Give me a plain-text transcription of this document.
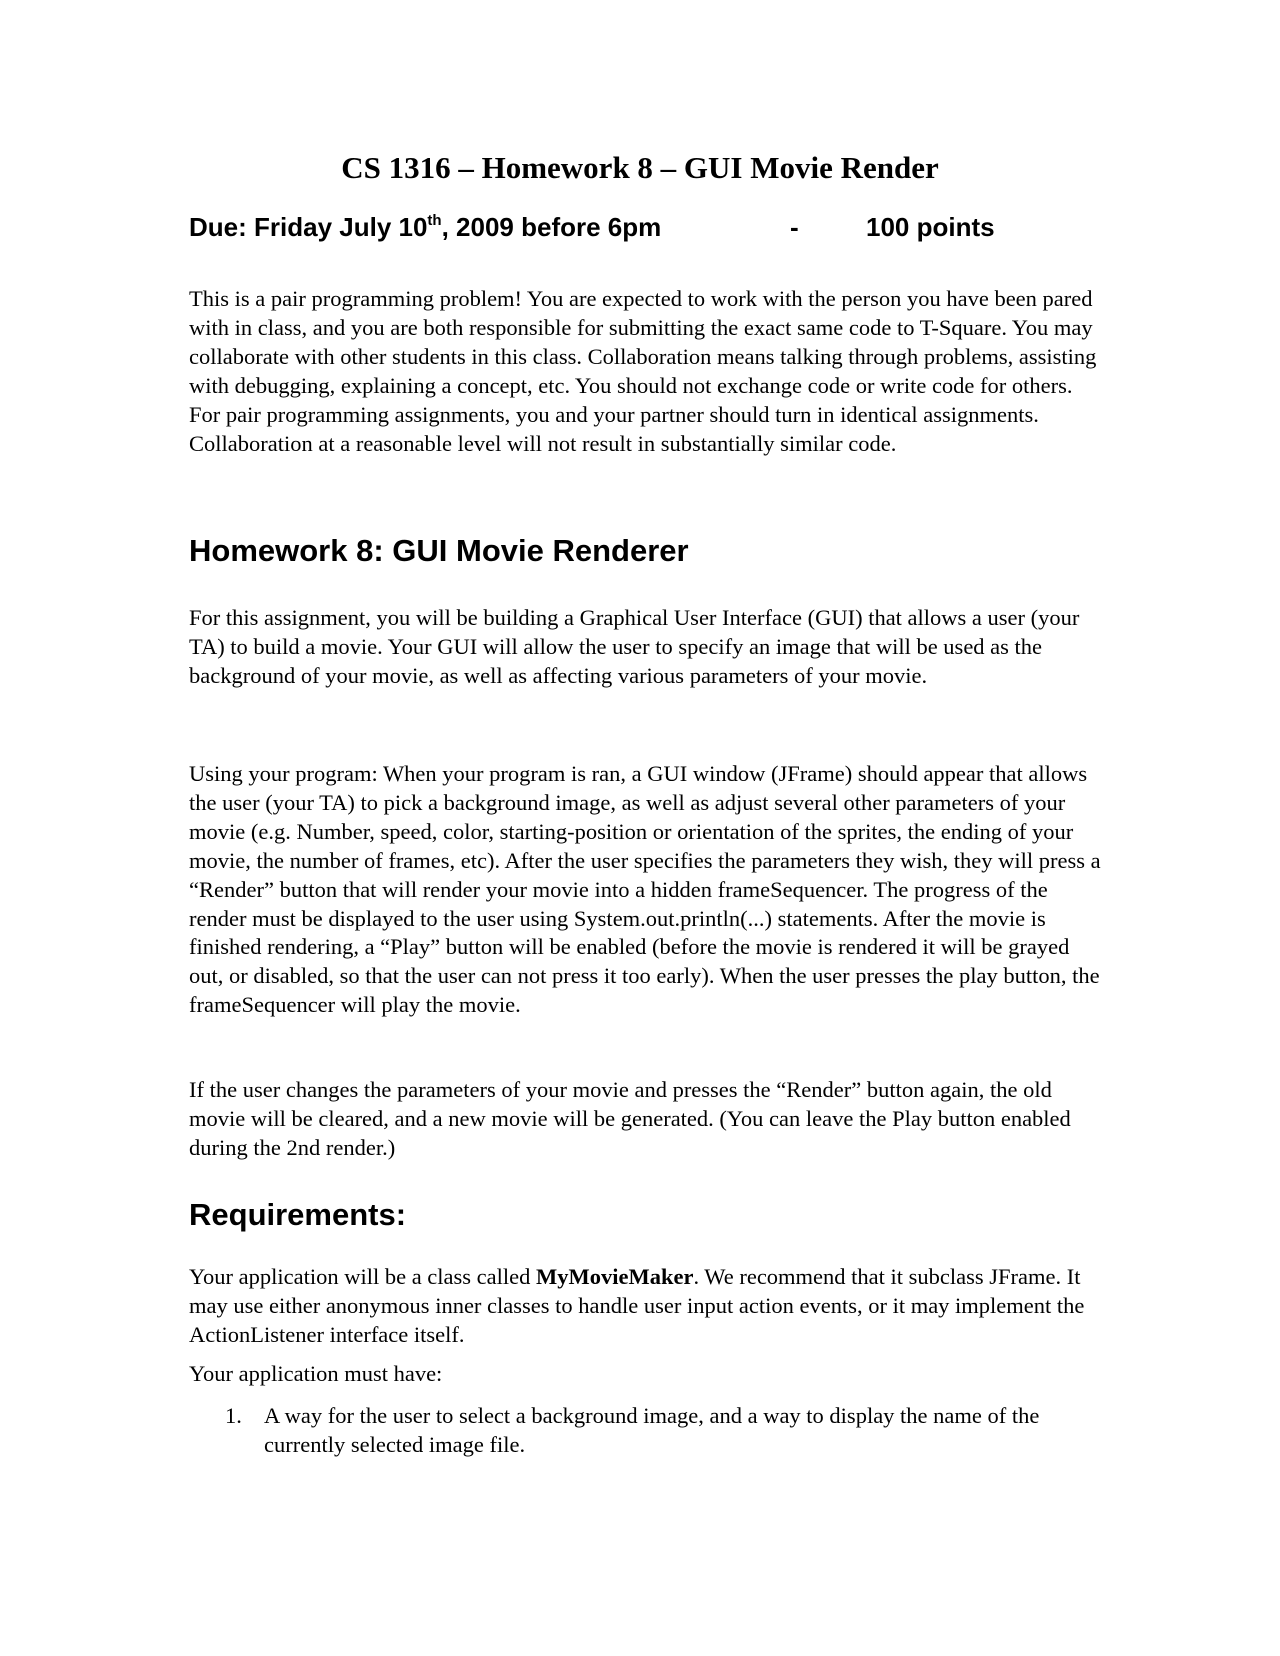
CS 1316 – Homework 8 – GUI Movie Render
Due: Friday July 10th, 2009 before 6pm	-	100 points

This is a pair programming problem! You are expected to work with the person you have been pared with in class, and you are both responsible for submitting the exact same code to T-Square. You may collaborate with other students in this class. Collaboration means talking through problems, assisting with debugging, explaining a concept, etc. You should not exchange code or write code for others. For pair programming assignments, you and your partner should turn in identical assignments. Collaboration at a reasonable level will not result in substantially similar code.

Homework 8: GUI Movie Renderer

For this assignment, you will be building a Graphical User Interface (GUI) that allows a user (your TA) to build a movie. Your GUI will allow the user to specify an image that will be used as the background of your movie, as well as affecting various parameters of your movie.

Using your program: When your program is ran, a GUI window (JFrame) should appear that allows the user (your TA) to pick a background image, as well as adjust several other parameters of your movie (e.g. Number, speed, color, starting-position or orientation of the sprites, the ending of your movie, the number of frames, etc). After the user specifies the parameters they wish, they will press a “Render” button that will render your movie into a hidden frameSequencer. The progress of the render must be displayed to the user using System.out.println(...) statements. After the movie is finished rendering, a “Play” button will be enabled (before the movie is rendered it will be grayed out, or disabled, so that the user can not press it too early). When the user presses the play button, the frameSequencer will play the movie.

If the user changes the parameters of your movie and presses the “Render” button again, the old movie will be cleared, and a new movie will be generated. (You can leave the Play button enabled during the 2nd render.)

Requirements:

Your application will be a class called MyMovieMaker. We recommend that it subclass JFrame. It may use either anonymous inner classes to handle user input action events, or it may implement the ActionListener interface itself.

Your application must have:

1. A way for the user to select a background image, and a way to display the name of the currently selected image file.
